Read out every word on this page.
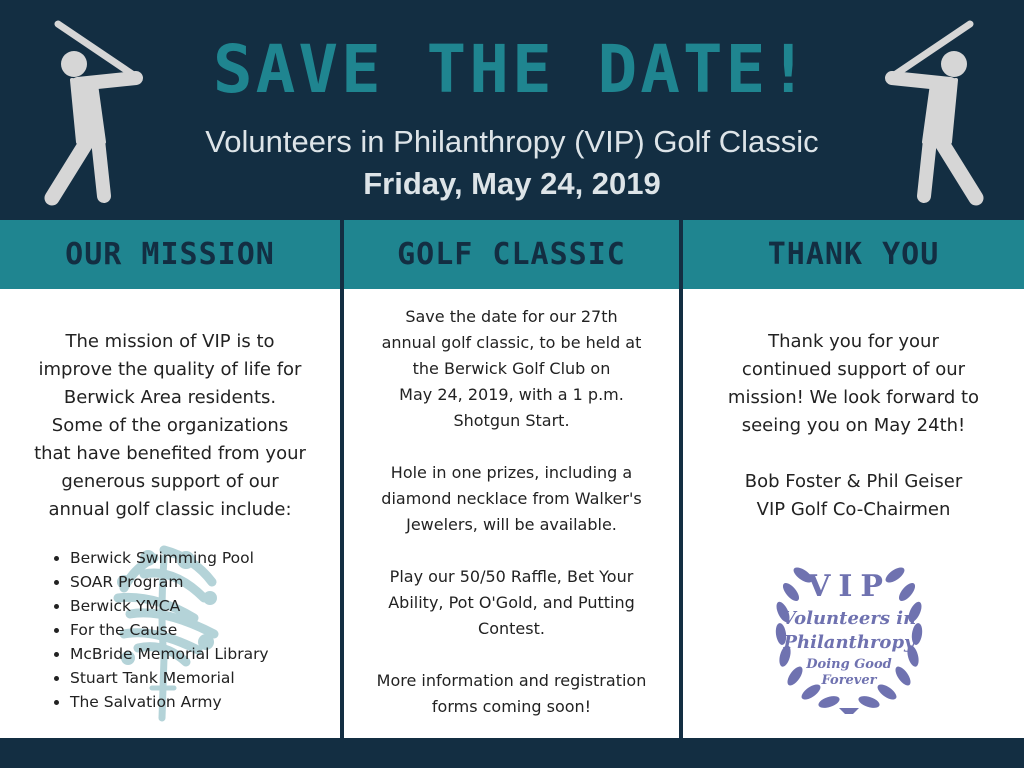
SAVE THE DATE!
Volunteers in Philanthropy (VIP) Golf Classic
Friday, May 24, 2019
OUR MISSION
The mission of VIP is to
improve the quality of life for
Berwick Area residents.
Some of the organizations
that have benefited from your
generous support of our
annual golf classic include:
• Berwick Swimming Pool
• SOAR Program
• Berwick YMCA
• For the Cause
• McBride Memorial Library
• Stuart Tank Memorial
• The Salvation Army
GOLF CLASSIC
Save the date for our 27th
annual golf classic, to be held at
the Berwick Golf Club on
May 24, 2019, with a 1 p.m.
Shotgun Start.
Hole in one prizes, including a
diamond necklace from Walker's
Jewelers, will be available.
Play our 50/50 Raffle, Bet Your
Ability, Pot O'Gold, and Putting
Contest.
More information and registration
forms coming soon!
THANK YOU
Thank you for your
continued support of our
mission! We look forward to
seeing you on May 24th!
Bob Foster & Phil Geiser
VIP Golf Co-Chairmen
VIP
Volunteers in
Philanthropy
Doing Good
Forever
